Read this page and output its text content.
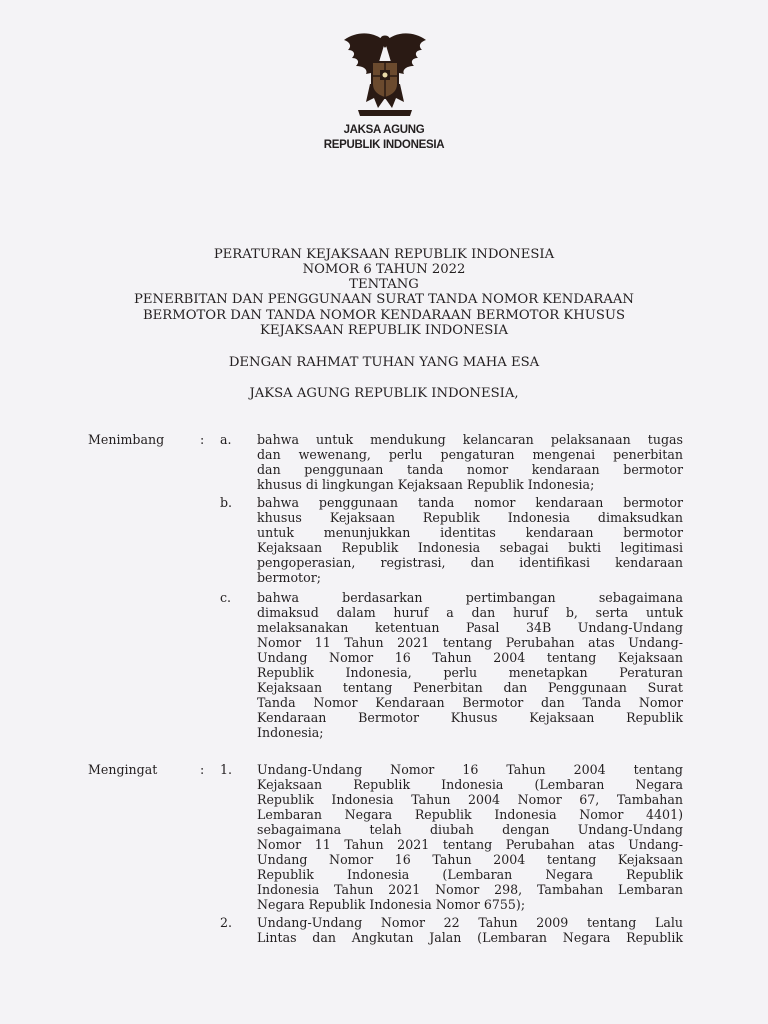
JAKSA AGUNG
REPUBLIK INDONESIA
PERATURAN KEJAKSAAN REPUBLIK INDONESIA
NOMOR 6 TAHUN 2022
TENTANG
PENERBITAN DAN PENGGUNAAN SURAT TANDA NOMOR KENDARAAN
BERMOTOR DAN TANDA NOMOR KENDARAAN BERMOTOR KHUSUS
KEJAKSAAN REPUBLIK INDONESIA
DENGAN RAHMAT TUHAN YANG MAHA ESA
JAKSA AGUNG REPUBLIK INDONESIA,
Menimbang	: a. bahwa untuk mendukung kelancaran pelaksanaan tugas
dan wewenang, perlu pengaturan mengenai penerbitan
dan penggunaan tanda nomor kendaraan bermotor
khusus di lingkungan Kejaksaan Republik Indonesia;
b. bahwa penggunaan tanda nomor kendaraan bermotor
khusus Kejaksaan Republik Indonesia dimaksudkan
untuk menunjukkan identitas kendaraan bermotor
Kejaksaan Republik Indonesia sebagai bukti legitimasi
pengoperasian, registrasi, dan identifikasi kendaraan
bermotor;
c. bahwa berdasarkan pertimbangan sebagaimana
dimaksud dalam huruf a dan huruf b, serta untuk
melaksanakan ketentuan Pasal 34B Undang-Undang
Nomor 11 Tahun 2021 tentang Perubahan atas Undang-
Undang Nomor 16 Tahun 2004 tentang Kejaksaan
Republik Indonesia, perlu menetapkan Peraturan
Kejaksaan tentang Penerbitan dan Penggunaan Surat
Tanda Nomor Kendaraan Bermotor dan Tanda Nomor
Kendaraan Bermotor Khusus Kejaksaan Republik
Indonesia;
Mengingat	: 1. Undang-Undang Nomor 16 Tahun 2004 tentang
Kejaksaan Republik Indonesia (Lembaran Negara
Republik Indonesia Tahun 2004 Nomor 67, Tambahan
Lembaran Negara Republik Indonesia Nomor 4401)
sebagaimana telah diubah dengan Undang-Undang
Nomor 11 Tahun 2021 tentang Perubahan atas Undang-
Undang Nomor 16 Tahun 2004 tentang Kejaksaan
Republik Indonesia (Lembaran Negara Republik
Indonesia Tahun 2021 Nomor 298, Tambahan Lembaran
Negara Republik Indonesia Nomor 6755);
2. Undang-Undang Nomor 22 Tahun 2009 tentang Lalu
Lintas dan Angkutan Jalan (Lembaran Negara Republik
